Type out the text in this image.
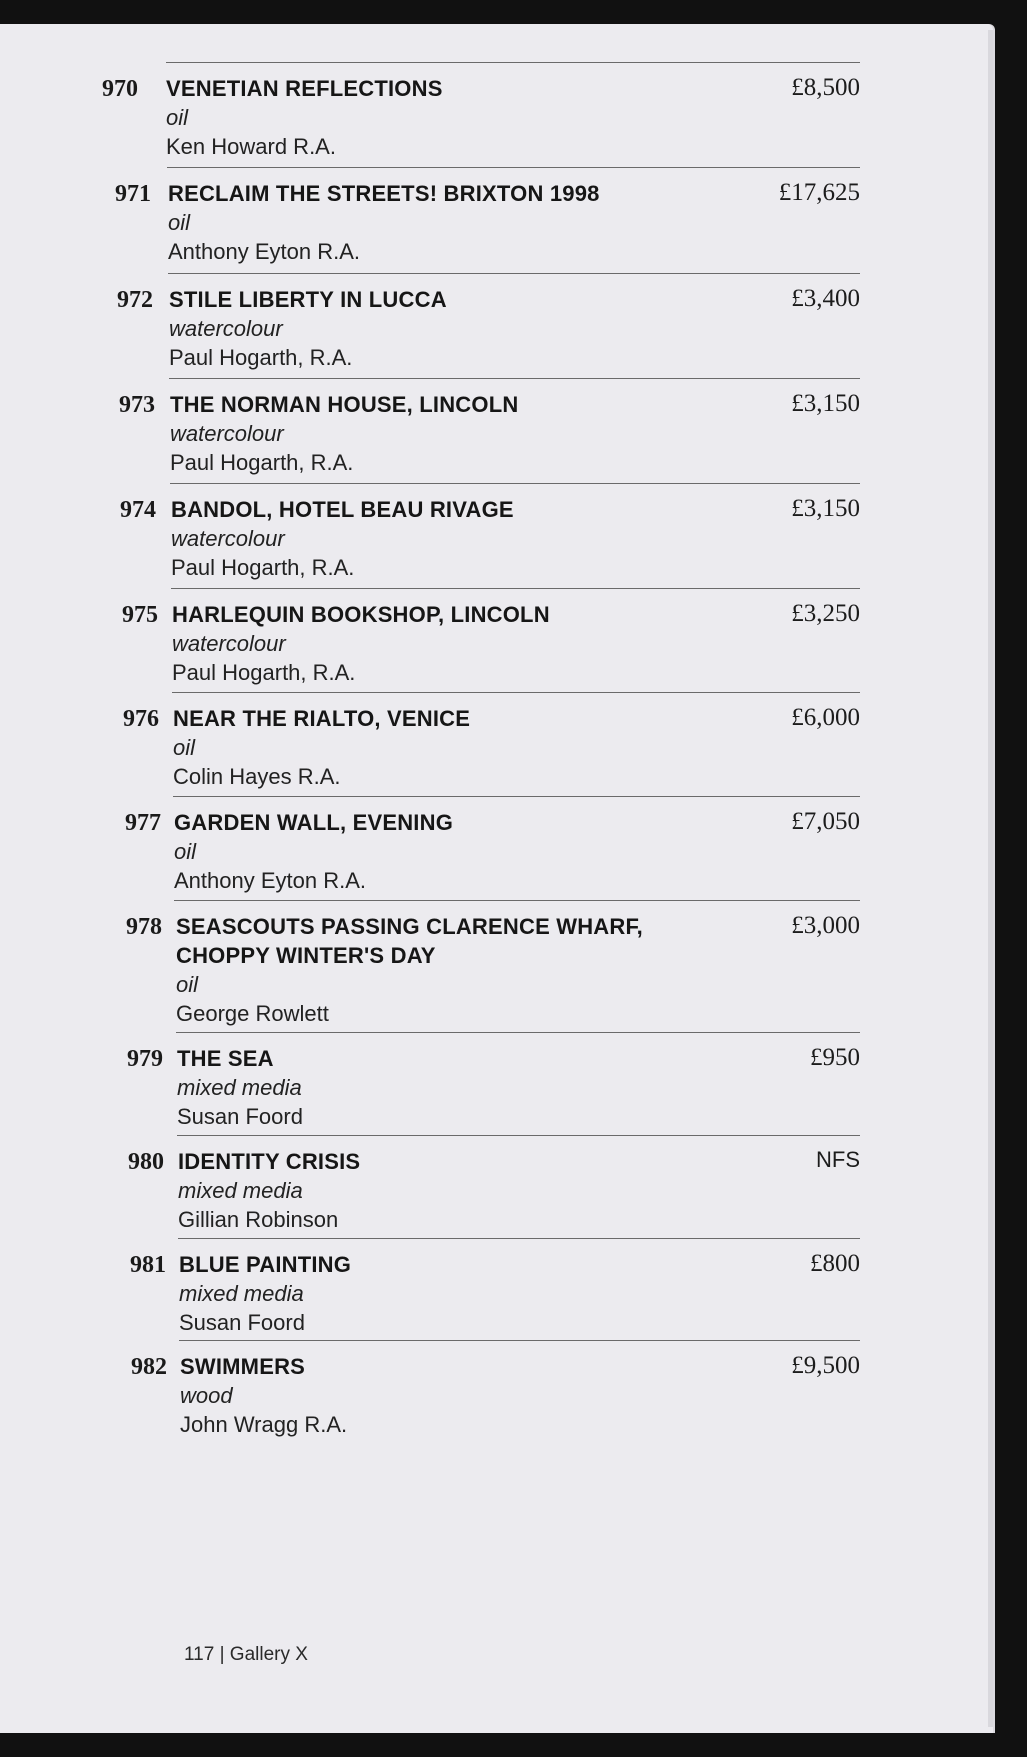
970 VENETIAN REFLECTIONS
oil
Ken Howard R.A.
£8,500
971 RECLAIM THE STREETS! BRIXTON 1998
oil
Anthony Eyton R.A.
£17,625
972 STILE LIBERTY IN LUCCA
watercolour
Paul Hogarth, R.A.
£3,400
973 THE NORMAN HOUSE, LINCOLN
watercolour
Paul Hogarth, R.A.
£3,150
974 BANDOL, HOTEL BEAU RIVAGE
watercolour
Paul Hogarth, R.A.
£3,150
975 HARLEQUIN BOOKSHOP, LINCOLN
watercolour
Paul Hogarth, R.A.
£3,250
976 NEAR THE RIALTO, VENICE
oil
Colin Hayes R.A.
£6,000
977 GARDEN WALL, EVENING
oil
Anthony Eyton R.A.
£7,050
978 SEASCOUTS PASSING CLARENCE WHARF,
CHOPPY WINTER'S DAY
oil
George Rowlett
£3,000
979 THE SEA
mixed media
Susan Foord
£950
980 IDENTITY CRISIS
mixed media
Gillian Robinson
NFS
981 BLUE PAINTING
mixed media
Susan Foord
£800
982 SWIMMERS
wood
John Wragg R.A.
£9,500
117 | Gallery X
